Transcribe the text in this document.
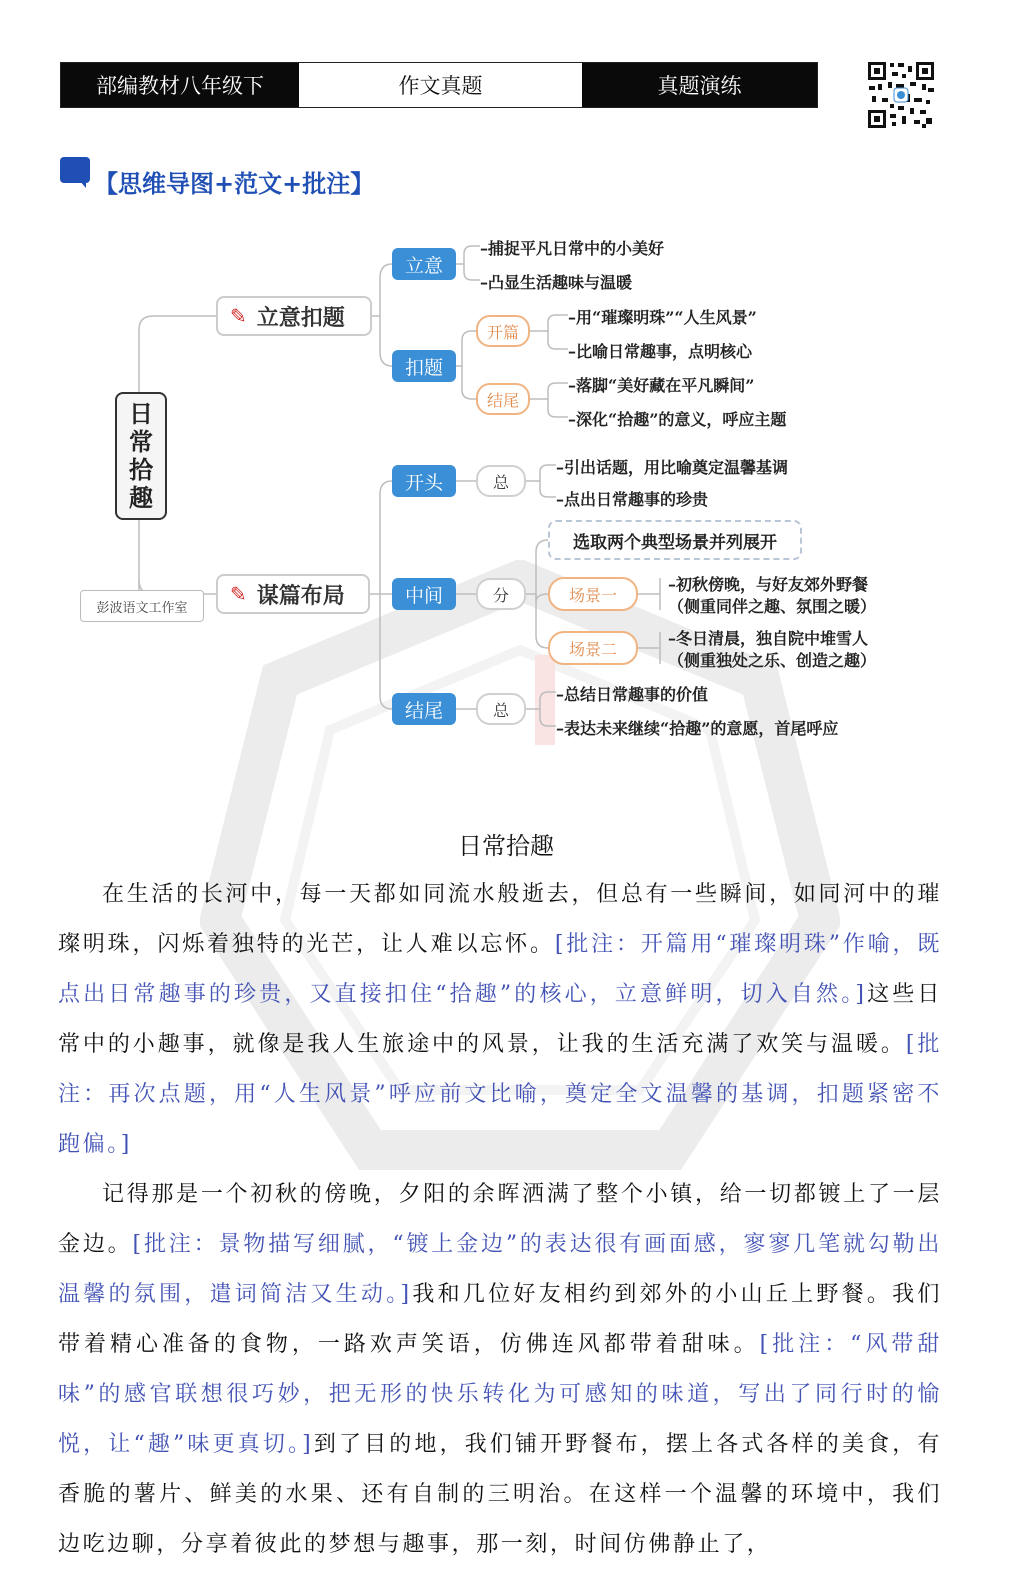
部编教材八年级下	作文真题	真题演练
【思维导图+范文+批注】
日
常
拾
趣
彭波语文工作室
✎ 立意扣题
✎ 谋篇布局
立意
–捕捉平凡日常中的小美好
–凸显生活趣味与温暖
扣题
开篇
–用“璀璨明珠”“人生风景”
–比喻日常趣事，点明核心
结尾
–落脚“美好藏在平凡瞬间”
–深化“拾趣”的意义，呼应主题
开头	总
–引出话题，用比喻奠定温馨基调
–点出日常趣事的珍贵
选取两个典型场景并列展开
中间	分	场景一
–初秋傍晚，与好友郊外野餐
（侧重同伴之趣、氛围之暖）
场景二
–冬日清晨，独自院中堆雪人
（侧重独处之乐、创造之趣）
结尾	总
–总结日常趣事的价值
–表达未来继续“拾趣”的意愿，首尾呼应
日常拾趣

在生活的长河中，每一天都如同流水般逝去，但总有一些瞬间，如同河中的璀璨明珠，闪烁着独特的光芒，让人难以忘怀。[批注：开篇用“璀璨明珠”作喻，既点出日常趣事的珍贵，又直接扣住“拾趣”的核心，立意鲜明，切入自然。]这些日常中的小趣事，就像是我人生旅途中的风景，让我的生活充满了欢笑与温暖。[批注：再次点题，用“人生风景”呼应前文比喻，奠定全文温馨的基调，扣题紧密不跑偏。]

记得那是一个初秋的傍晚，夕阳的余晖洒满了整个小镇，给一切都镀上了一层金边。[批注：景物描写细腻，“镀上金边”的表达很有画面感，寥寥几笔就勾勒出温馨的氛围，遣词简洁又生动。]我和几位好友相约到郊外的小山丘上野餐。我们带着精心准备的食物，一路欢声笑语，仿佛连风都带着甜味。[批注：“风带甜味”的感官联想很巧妙，把无形的快乐转化为可感知的味道，写出了同行时的愉悦，让“趣”味更真切。]到了目的地，我们铺开野餐布，摆上各式各样的美食，有香脆的薯片、鲜美的水果、还有自制的三明治。在这样一个温馨的环境中，我们边吃边聊，分享着彼此的梦想与趣事，那一刻，时间仿佛静止了，
